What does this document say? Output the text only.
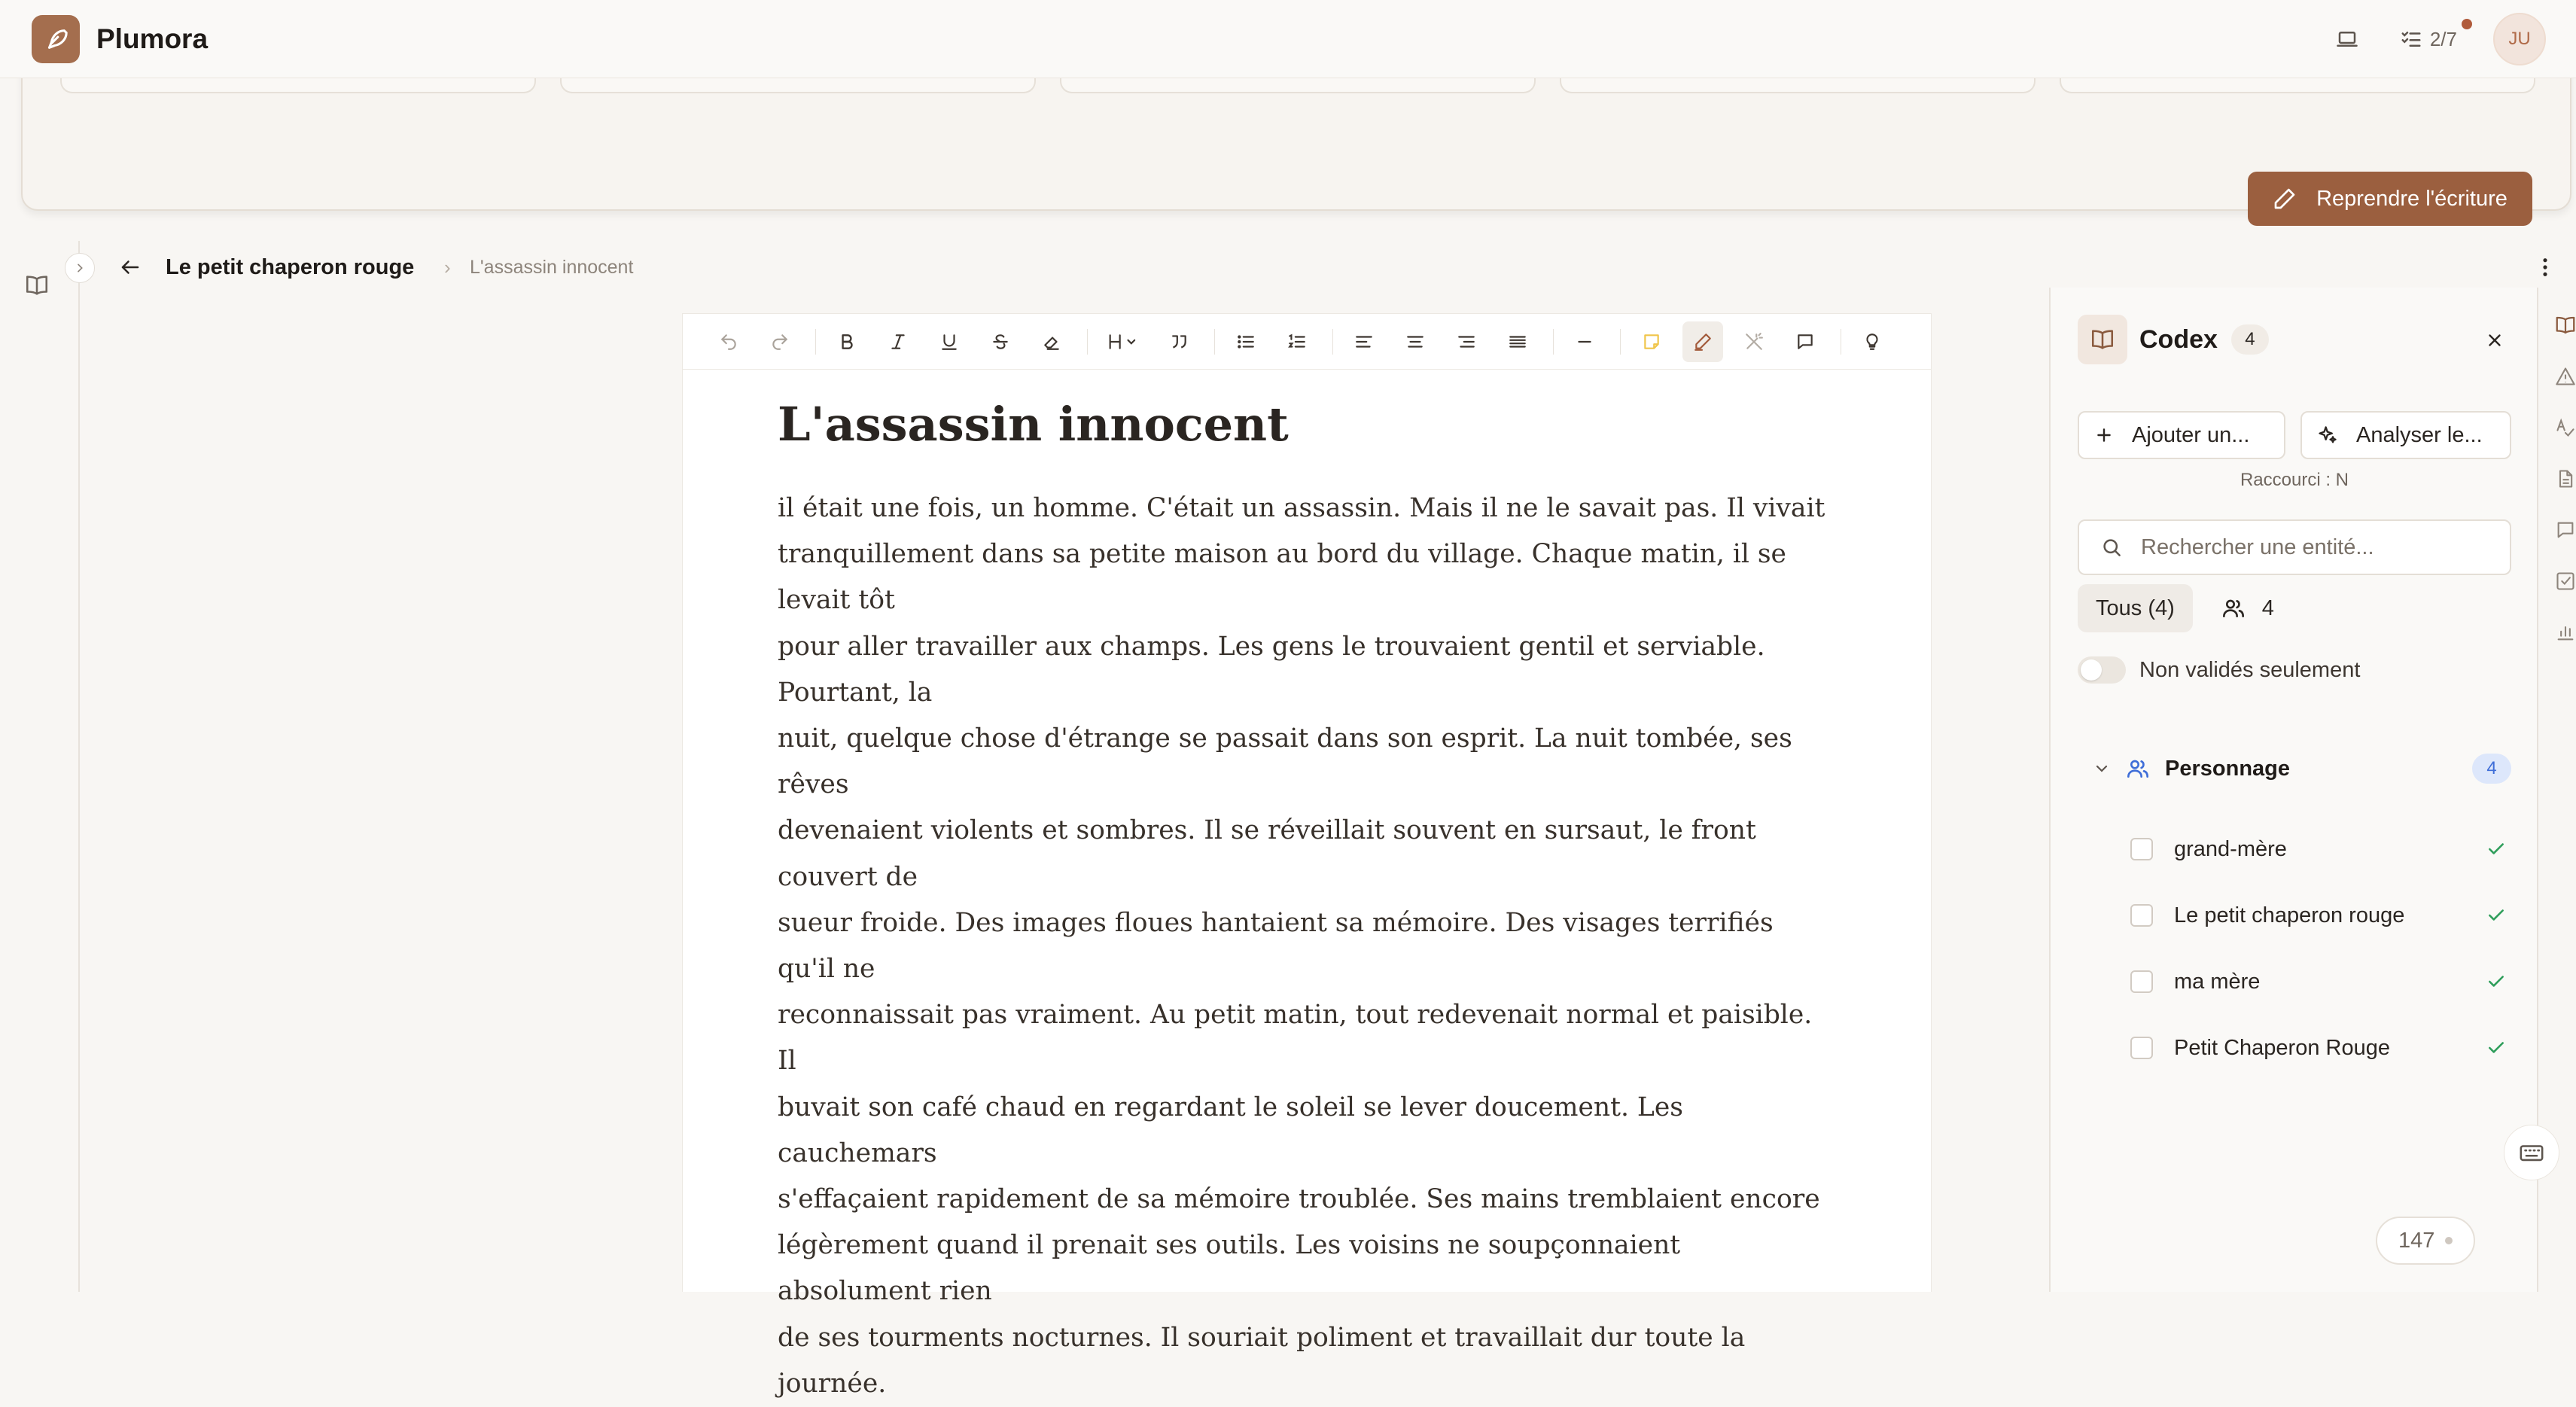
Plumora	2/7	JU
Reprendre l'écriture
Le petit chaperon rouge › L'assassin innocent
L'assassin innocent
il était une fois, un homme. C'était un assassin. Mais il ne le savait pas. Il vivait
tranquillement dans sa petite maison au bord du village. Chaque matin, il se levait tôt
pour aller travailler aux champs. Les gens le trouvaient gentil et serviable. Pourtant, la
nuit, quelque chose d'étrange se passait dans son esprit. La nuit tombée, ses rêves
devenaient violents et sombres. Il se réveillait souvent en sursaut, le front couvert de
sueur froide. Des images floues hantaient sa mémoire. Des visages terrifiés qu'il ne
reconnaissait pas vraiment. Au petit matin, tout redevenait normal et paisible. Il
buvait son café chaud en regardant le soleil se lever doucement. Les cauchemars
s'effaçaient rapidement de sa mémoire troublée. Ses mains tremblaient encore
légèrement quand il prenait ses outils. Les voisins ne soupçonnaient absolument rien
de ses tourments nocturnes. Il souriait poliment et travaillait dur toute la journée.
Codex	4
Ajouter un...	Analyser le...
Raccourci : N
Rechercher une entité...
Tous (4)	4
Non validés seulement
Personnage	4
grand-mère
Le petit chaperon rouge
ma mère
Petit Chaperon Rouge
147
